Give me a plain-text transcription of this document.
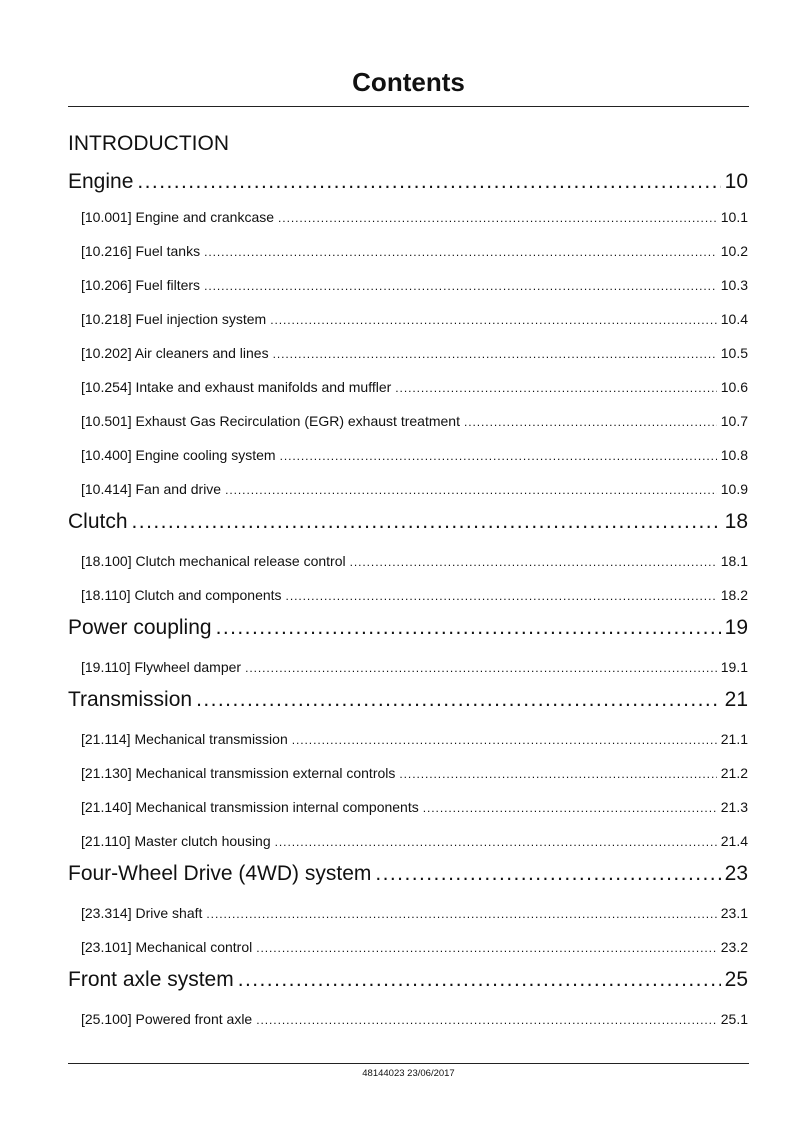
Contents
INTRODUCTION
Engine . . .	10
[10.001] Engine and crankcase . . .	10.1
[10.216] Fuel tanks . . .	10.2
[10.206] Fuel filters . . .	10.3
[10.218] Fuel injection system . . .	10.4
[10.202] Air cleaners and lines . . .	10.5
[10.254] Intake and exhaust manifolds and muffler . . .	10.6
[10.501] Exhaust Gas Recirculation (EGR) exhaust treatment . . .	10.7
[10.400] Engine cooling system . . .	10.8
[10.414] Fan and drive . . .	10.9
Clutch . . .	18
[18.100] Clutch mechanical release control . . .	18.1
[18.110] Clutch and components . . .	18.2
Power coupling . . .	19
[19.110] Flywheel damper . . .	19.1
Transmission . . .	21
[21.114] Mechanical transmission . . .	21.1
[21.130] Mechanical transmission external controls . . .	21.2
[21.140] Mechanical transmission internal components . . .	21.3
[21.110] Master clutch housing . . .	21.4
Four-Wheel Drive (4WD) system . . .	23
[23.314] Drive shaft . . .	23.1
[23.101] Mechanical control . . .	23.2
Front axle system . . .	25
[25.100] Powered front axle . . .	25.1
48144023 23/06/2017
